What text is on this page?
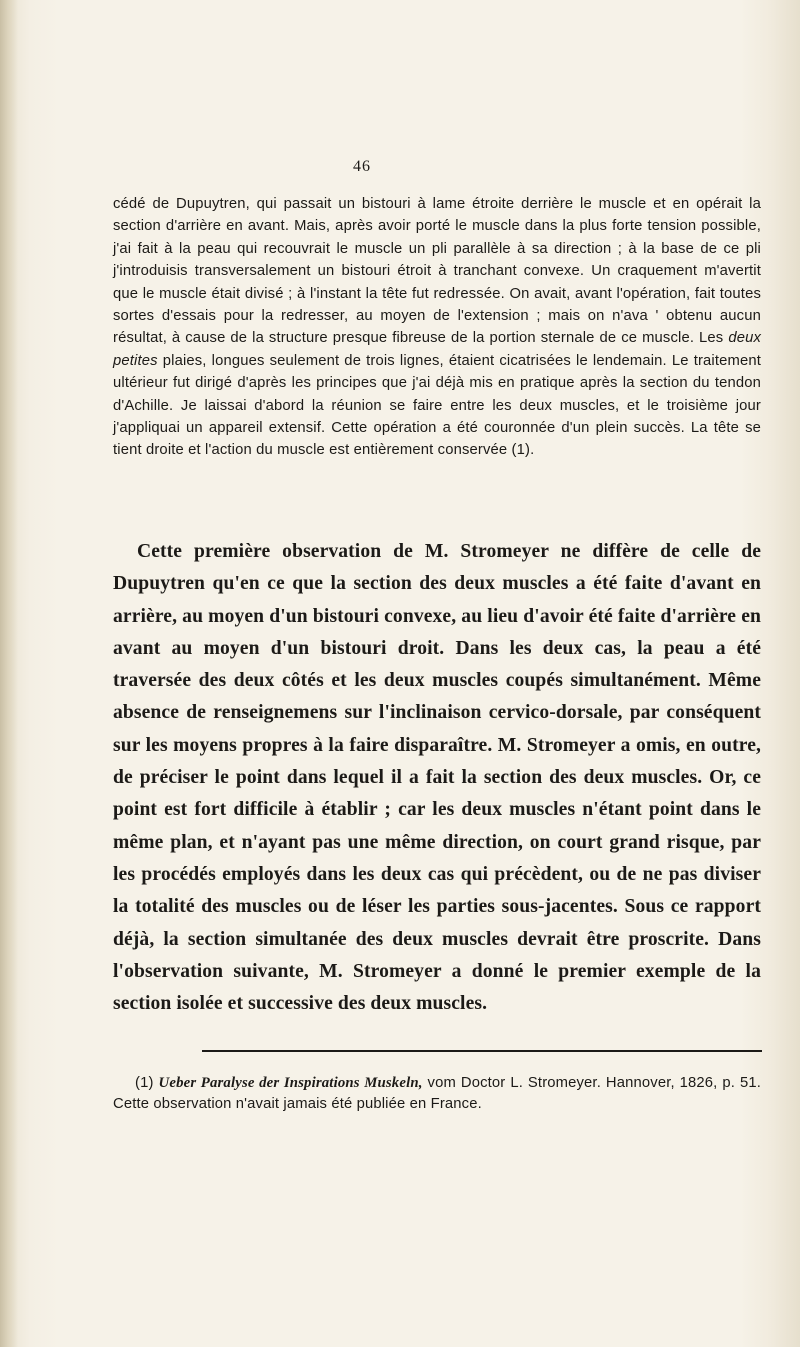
46

cédé de Dupuytren, qui passait un bistouri à lame étroite derrière le muscle et en opérait la section d'arrière en avant. Mais, après avoir porté le muscle dans la plus forte tension possible, j'ai fait à la peau qui recouvrait le muscle un pli parallèle à sa direction ; à la base de ce pli j'introduisis transversalement un bistouri étroit à tranchant convexe. Un craquement m'avertit que le muscle était divisé ; à l'instant la tête fut redressée. On avait, avant l'opération, fait toutes sortes d'essais pour la redresser, au moyen de l'extension ; mais on n'ava ' obtenu aucun résultat, à cause de la structure presque fibreuse de la portion sternale de ce muscle. Les deux petites plaies, longues seulement de trois lignes, étaient cicatrisées le lendemain. Le traitement ultérieur fut dirigé d'après les principes que j'ai déjà mis en pratique après la section du tendon d'Achille. Je laissai d'abord la réunion se faire entre les deux muscles, et le troisième jour j'appliquai un appareil extensif. Cette opération a été couronnée d'un plein succès. La tête se tient droite et l'action du muscle est entièrement conservée (1).

Cette première observation de M. Stromeyer ne diffère de celle de Dupuytren qu'en ce que la section des deux muscles a été faite d'avant en arrière, au moyen d'un bistouri convexe, au lieu d'avoir été faite d'arrière en avant au moyen d'un bistouri droit. Dans les deux cas, la peau a été traversée des deux côtés et les deux muscles coupés simultanément. Même absence de renseignemens sur l'inclinaison cervico-dorsale, par conséquent sur les moyens propres à la faire disparaître. M. Stromeyer a omis, en outre, de préciser le point dans lequel il a fait la section des deux muscles. Or, ce point est fort difficile à établir ; car les deux muscles n'étant point dans le même plan, et n'ayant pas une même direction, on court grand risque, par les procédés employés dans les deux cas qui précèdent, ou de ne pas diviser la totalité des muscles ou de léser les parties sous-jacentes. Sous ce rapport déjà, la section simultanée des deux muscles devrait être proscrite. Dans l'observation suivante, M. Stromeyer a donné le premier exemple de la section isolée et successive des deux muscles.

(1) Ueber Paralyse der Inspirations Muskeln, vom Doctor L. Stromeyer. Hannover, 1826, p. 51. Cette observation n'avait jamais été publiée en France.
